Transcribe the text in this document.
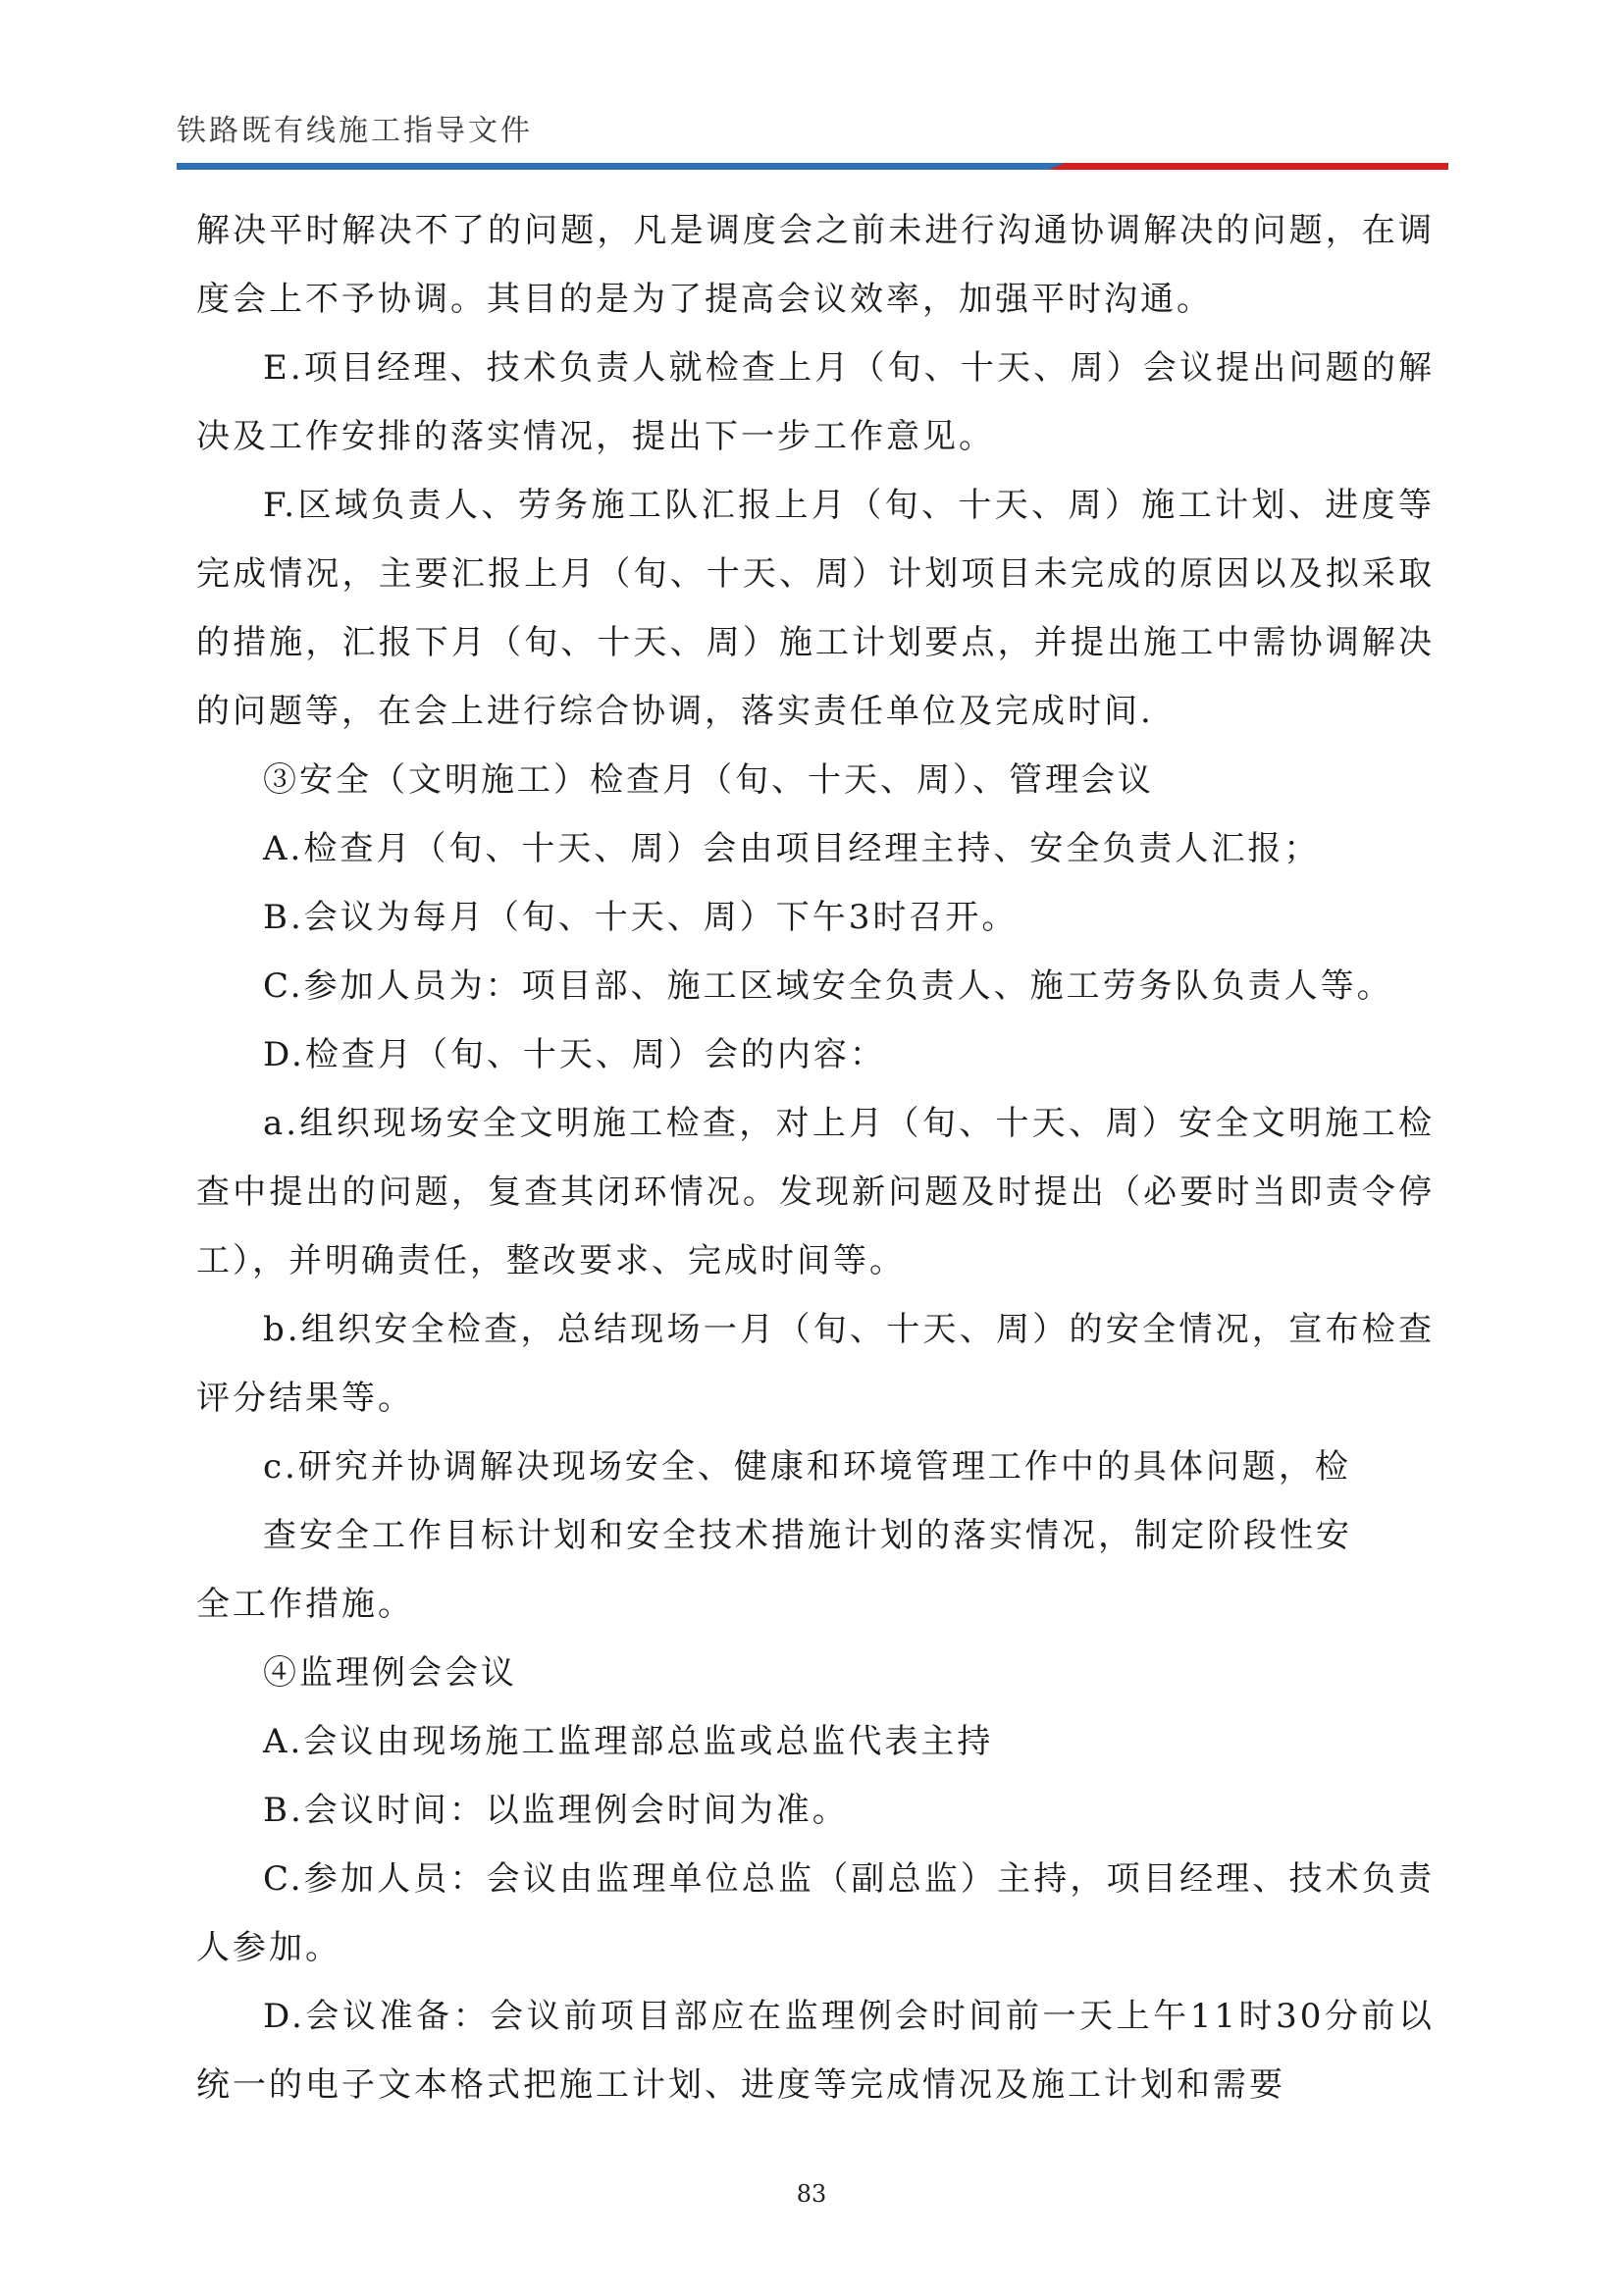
铁路既有线施工指导文件

解决平时解决不了的问题，凡是调度会之前未进行沟通协调解决的问题，在调度会上不予协调。其目的是为了提高会议效率，加强平时沟通。

E.项目经理、技术负责人就检查上月（旬、十天、周）会议提出问题的解决及工作安排的落实情况，提出下一步工作意见。

F.区域负责人、劳务施工队汇报上月（旬、十天、周）施工计划、进度等完成情况，主要汇报上月（旬、十天、周）计划项目未完成的原因以及拟采取的措施，汇报下月（旬、十天、周）施工计划要点，并提出施工中需协调解决的问题等，在会上进行综合协调，落实责任单位及完成时间.

③安全（文明施工）检查月（旬、十天、周）、管理会议

A.检查月（旬、十天、周）会由项目经理主持、安全负责人汇报；

B.会议为每月（旬、十天、周）下午3时召开。

C.参加人员为：项目部、施工区域安全负责人、施工劳务队负责人等。

D.检查月（旬、十天、周）会的内容：

a.组织现场安全文明施工检查，对上月（旬、十天、周）安全文明施工检查中提出的问题，复查其闭环情况。发现新问题及时提出（必要时当即责令停工），并明确责任，整改要求、完成时间等。

b.组织安全检查，总结现场一月（旬、十天、周）的安全情况，宣布检查评分结果等。

c.研究并协调解决现场安全、健康和环境管理工作中的具体问题，检

查安全工作目标计划和安全技术措施计划的落实情况，制定阶段性安

全工作措施。

④监理例会会议

A.会议由现场施工监理部总监或总监代表主持

B.会议时间：以监理例会时间为准。

C.参加人员：会议由监理单位总监（副总监）主持，项目经理、技术负责人参加。

D.会议准备：会议前项目部应在监理例会时间前一天上午11时30分前以统一的电子文本格式把施工计划、进度等完成情况及施工计划和需要

83
